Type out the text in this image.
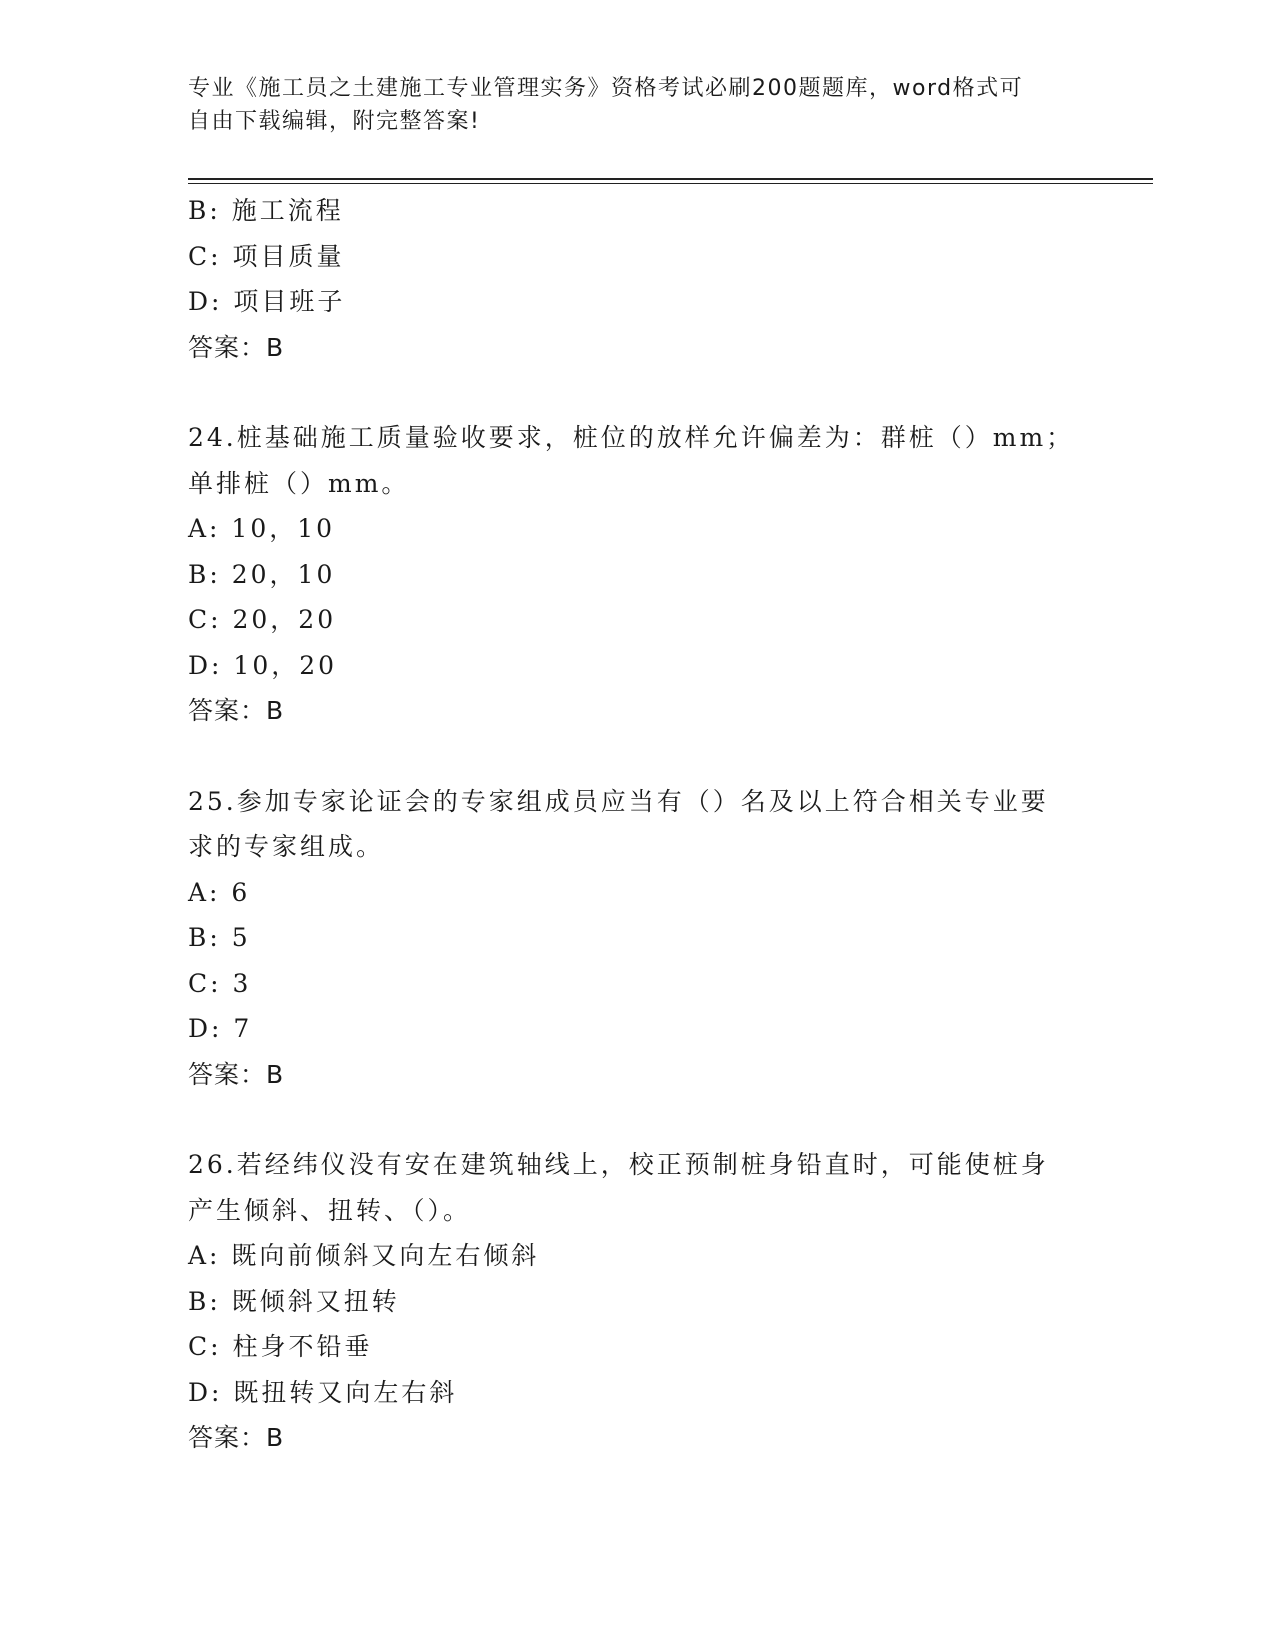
专业《施工员之土建施工专业管理实务》资格考试必刷200题题库，word格式可
自由下载编辑，附完整答案!
B: 施工流程
C: 项目质量
D: 项目班子
答案：B
24.桩基础施工质量验收要求，桩位的放样允许偏差为：群桩（）mm；
单排桩（）mm。
A: 10，10
B: 20，10
C: 20，20
D: 10，20
答案：B
25.参加专家论证会的专家组成员应当有（）名及以上符合相关专业要
求的专家组成。
A: 6
B: 5
C: 3
D: 7
答案：B
26.若经纬仪没有安在建筑轴线上，校正预制桩身铅直时，可能使桩身
产生倾斜、扭转、（）。
A: 既向前倾斜又向左右倾斜
B: 既倾斜又扭转
C: 柱身不铅垂
D: 既扭转又向左右斜
答案：B
